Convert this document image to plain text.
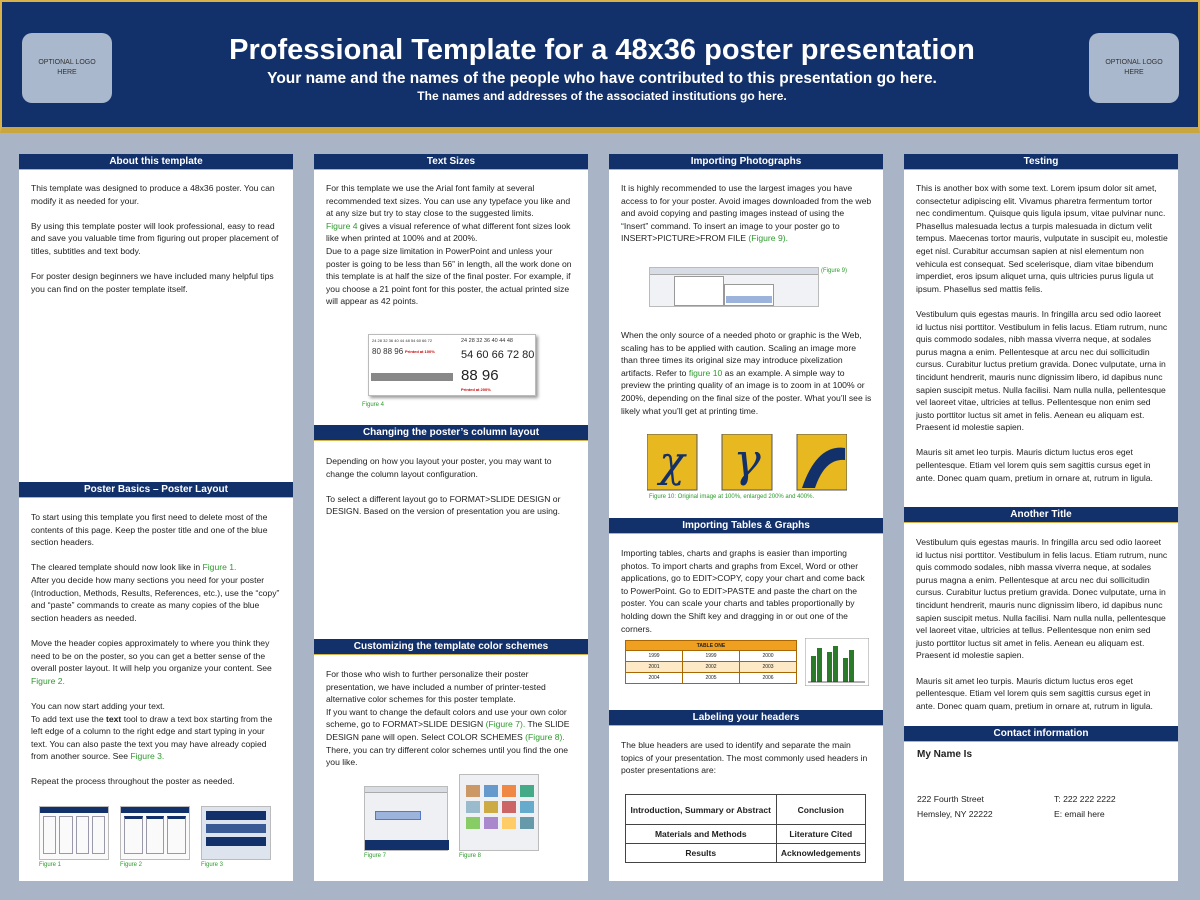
OPTIONAL LOGO HERE
Professional Template for a 48x36 poster presentation
Your name and the names of the people who have contributed to this presentation go here.
The names and addresses of the associated institutions go here.
OPTIONAL LOGO HERE
About this template

This template was designed to produce a 48x36 poster. You can modify it as needed for your.

By using this template poster will look professional, easy to read and save you valuable time from figuring out proper placement of titles, subtitles and text body.

For poster design beginners we have included many helpful tips you can find on the poster template itself.

Poster Basics – Poster Layout

To start using this template you first need to delete most of the contents of this page. Keep the poster title and one of the blue section headers.

The cleared template should now look like in Figure 1.
After you decide how many sections you need for your poster (Introduction, Methods, Results, References, etc.), use the “copy” and “paste” commands to create as many copies of the blue section headers as needed.

Move the header copies approximately to where you think they need to be on the poster, so you can get a better sense of the overall poster layout. It will help you organize your content. See Figure 2.

You can now start adding your text.
To add text use the text tool to draw a text box starting from the left edge of a column to the right edge and start typing in your text. You can also paste the text you may have already copied from another source. See Figure 3.

Repeat the process throughout the poster as needed.

Figure 1	Figure 2	Figure 3
Text Sizes

For this template we use the Arial font family at several recommended text sizes. You can use any typeface you like and at any size but try to stay close to the suggested limits.
Figure 4 gives a visual reference of what different font sizes look like when printed at 100% and at 200%.
Due to a page size limitation in PowerPoint and unless your poster is going to be less than 56” in length, all the work done on this template is at half the size of the final poster. For example, if you choose a 21 point font for this poster, the actual printed size will appear as 42 points.

24 28 32 36 40 44 48 54 60 66 72
80 88 96 Printed at 100%
24 28 32 36 40 44 48
54 60 66 72 80
88 96
Printed at 200%
Figure 4
Changing the poster’s column layout

Depending on how you layout your poster, you may want to change the column layout configuration.

To select a different layout go to FORMAT>SLIDE DESIGN or DESIGN. Based on the version of presentation you are using.

Customizing the template color schemes

For those who wish to further personalize their poster presentation, we have included a number of printer-tested alternative color schemes for this poster template.
If you want to change the default colors and use your own color scheme, go to FORMAT>SLIDE DESIGN (Figure 7). The SLIDE DESIGN pane will open. Select COLOR SCHEMES (Figure 8). There, you can try different color schemes until you find the one you like.

Figure 7	Figure 8
Importing Photographs

It is highly recommended to use the largest images you have access to for your poster. Avoid images downloaded from the web and avoid copying and pasting images instead of using the “Insert” command. To insert an image to your poster go to INSERT>PICTURE>FROM FILE (Figure 9).

(Figure 9)

When the only source of a needed photo or graphic is the Web, scaling has to be applied with caution. Scaling an image more than three times its original size may introduce pixelization artifacts. Refer to figure 10 as an example. A simple way to preview the printing quality of an image is to zoom in at 100% or 200%, depending on the final size of the poster. What you’ll see is likely what you’ll get at printing time.

χ γ
Figure 10: Original image at 100%, enlarged 200% and 400%.
Importing Tables & Graphs

Importing tables, charts and graphs is easier than importing photos. To import charts and graphs from Excel, Word or other applications, go to EDIT>COPY, copy your chart and come back to PowerPoint. Go to EDIT>PASTE and paste the chart on the poster. You can scale your charts and tables proportionally by holding down the Shift key and dragging in or out one of the corners.

TABLE ONE		
1999	1999	2000
2001	2002	2003
2004	2005	2006
Labeling your headers

The blue headers are used to identify and separate the main topics of your presentation. The most commonly used headers in poster presentations are:

Introduction, Summary or Abstract	Conclusion
Materials and Methods	Literature Cited
Results	Acknowledgements
Testing

This is another box with some text. Lorem ipsum dolor sit amet, consectetur adipiscing elit. Vivamus pharetra fermentum tortor nec condimentum. Quisque quis ligula ipsum, vitae pulvinar nunc. Phasellus malesuada lectus a turpis malesuada in dictum velit tempus. Maecenas tortor mauris, vulputate in suscipit eu, molestie eget nisl. Curabitur accumsan sapien at nisl elementum non vehicula est consequat. Sed scelerisque, diam vitae bibendum imperdiet, eros ipsum aliquet urna, quis ultricies purus ligula ut ipsum. Phasellus sed mattis felis.

Vestibulum quis egestas mauris. In fringilla arcu sed odio laoreet id luctus nisi porttitor. Vestibulum in felis lacus. Etiam rutrum, nunc quis commodo sodales, nibh massa viverra neque, at sodales purus magna a enim. Pellentesque at arcu nec dui sollicitudin cursus. Curabitur luctus pretium gravida. Donec vulputate, urna in tincidunt hendrerit, mauris nunc dignissim libero, id dapibus nunc sapien suscipit metus. Nulla facilisi. Nam nulla nulla, pellentesque vel laoreet vitae, ultricies at tellus. Pellentesque non enim sed justo porttitor luctus sit amet in felis. Aenean eu aliquam est. Praesent id molestie sapien.

Mauris sit amet leo turpis. Mauris dictum luctus eros eget pellentesque. Etiam vel lorem quis sem sagittis cursus eget in ante. Donec quam quam, pretium in ornare at, rutrum in ligula.

Another Title

Vestibulum quis egestas mauris. In fringilla arcu sed odio laoreet id luctus nisi porttitor. Vestibulum in felis lacus. Etiam rutrum, nunc quis commodo sodales, nibh massa viverra neque, at sodales purus magna a enim. Pellentesque at arcu nec dui sollicitudin cursus. Curabitur luctus pretium gravida. Donec vulputate, urna in tincidunt hendrerit, mauris nunc dignissim libero, id dapibus nunc sapien suscipit metus. Nulla facilisi. Nam nulla nulla, pellentesque vel laoreet vitae, ultricies at tellus. Pellentesque non enim sed justo porttitor luctus sit amet in felis. Aenean eu aliquam est. Praesent id molestie sapien.

Mauris sit amet leo turpis. Mauris dictum luctus eros eget pellentesque. Etiam vel lorem quis sem sagittis cursus eget in ante. Donec quam quam, pretium in ornare at, rutrum in ligula.

Contact information
My Name Is
222 Fourth Street
Hemsley, NY 22222
T: 222 222 2222
E: email here
